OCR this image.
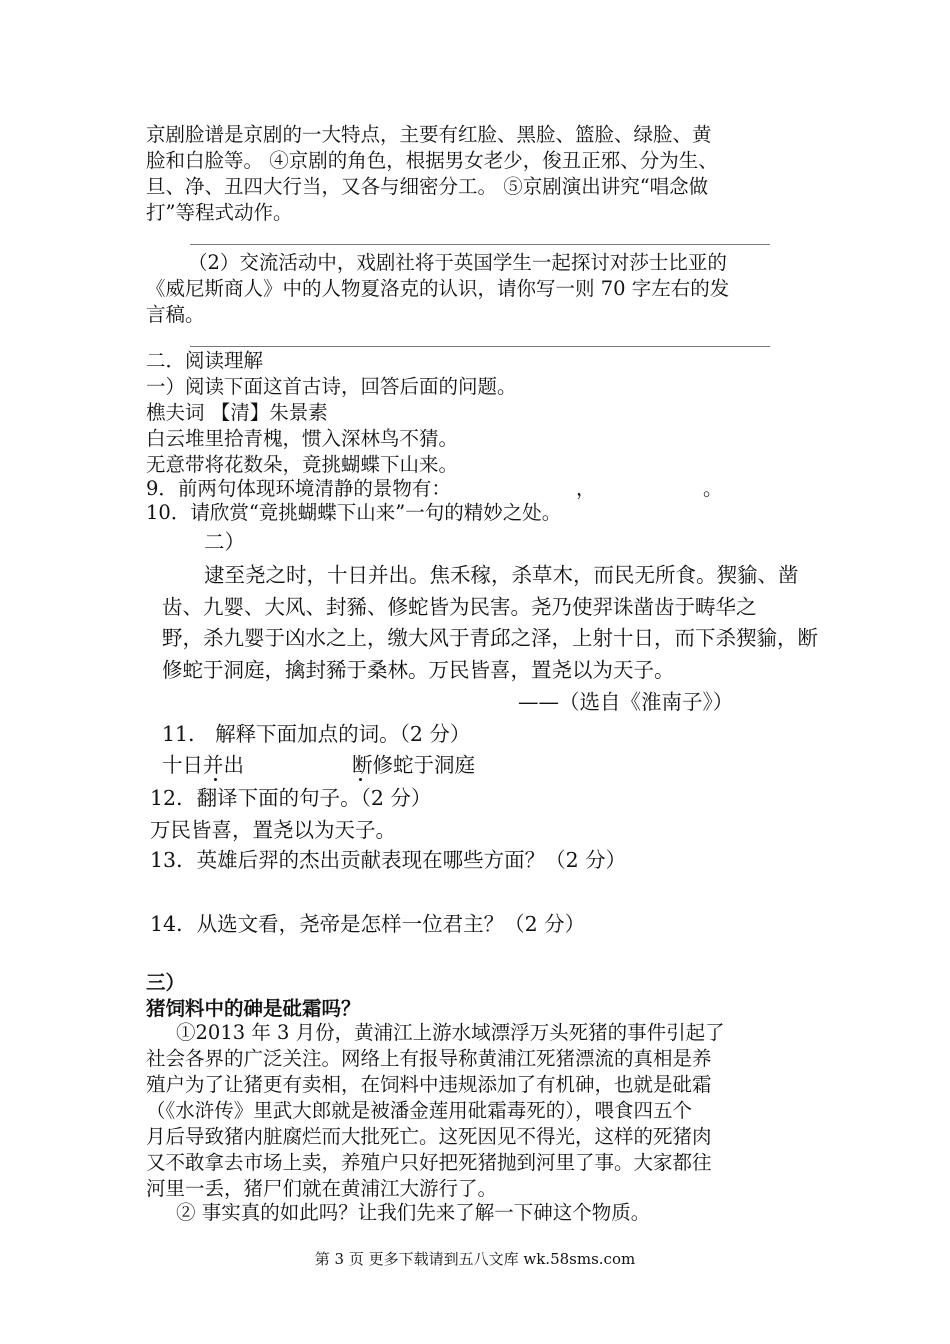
京剧脸谱是京剧的一大特点，主要有红脸、黑脸、篮脸、绿脸、黄
脸和白脸等。 ④京剧的角色，根据男女老少，俊丑正邪、分为生、
旦、净、丑四大行当，又各与细密分工。 ⑤京剧演出讲究“唱念做
打”等程式动作。
（2）交流活动中，戏剧社将于英国学生一起探讨对莎士比亚的
《威尼斯商人》中的人物夏洛克的认识，请你写一则 70 字左右的发
言稿。
二．阅读理解
一）阅读下面这首古诗，回答后面的问题。
樵夫词 【清】朱景素
白云堆里拾青槐，惯入深林鸟不猜。
无意带将花数朵，竟挑蝴蝶下山来。
9．前两句体现环境清静的景物有：	，	。
10．请欣赏“竟挑蝴蝶下山来”一句的精妙之处。
二）
逮至尧之时，十日并出。焦禾稼，杀草木，而民无所食。猰貐、凿
齿、九婴、大风、封豨、修蛇皆为民害。尧乃使羿诛凿齿于畴华之
野，杀九婴于凶水之上，缴大风于青邱之泽，上射十日，而下杀猰貐，断
修蛇于洞庭，擒封豨于桑林。万民皆喜，置尧以为天子。
——（选自《淮南子》）
11． 解释下面加点的词。（2 分）
十日并出	断修蛇于洞庭
12．翻译下面的句子。（2 分）
万民皆喜，置尧以为天子。
13．英雄后羿的杰出贡献表现在哪些方面？（2 分）
14．从选文看，尧帝是怎样一位君主？（2 分）
三）
猪饲料中的砷是砒霜吗？
①2013 年 3 月份，黄浦江上游水域漂浮万头死猪的事件引起了
社会各界的广泛关注。网络上有报导称黄浦江死猪漂流的真相是养
殖户为了让猪更有卖相，在饲料中违规添加了有机砷，也就是砒霜
（《水浒传》里武大郎就是被潘金莲用砒霜毒死的），喂食四五个
月后导致猪内脏腐烂而大批死亡。这死因见不得光，这样的死猪肉
又不敢拿去市场上卖，养殖户只好把死猪抛到河里了事。大家都往
河里一丢，猪尸们就在黄浦江大游行了。
② 事实真的如此吗？让我们先来了解一下砷这个物质。
第 3 页 更多下载请到五八文库 wk.58sms.com
